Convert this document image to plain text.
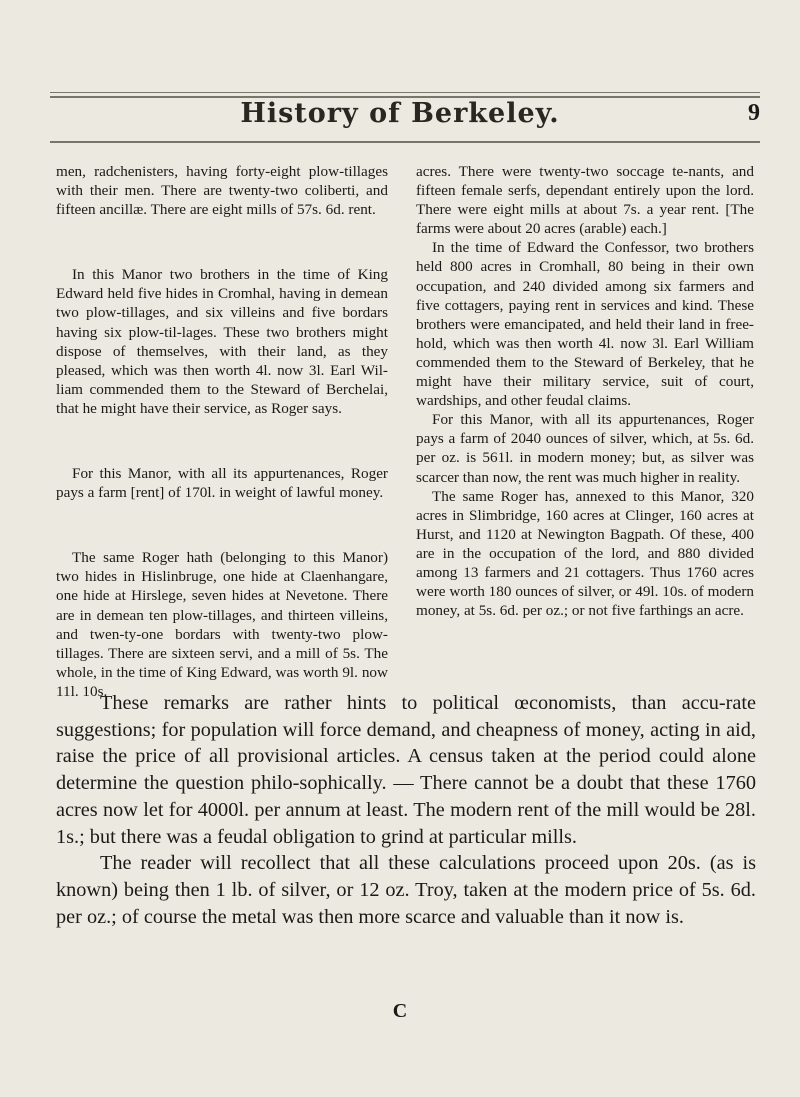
History of Berkeley.	9

men, radchenisters, having forty-eight plow-tillages with their men. There are twenty-two coliberti, and fifteen ancillæ. There are eight mills of 57s. 6d. rent.

In this Manor two brothers in the time of King Edward held five hides in Cromhal, having in demean two plow-tillages, and six villeins and five bordars having six plow-til-lages. These two brothers might dispose of themselves, with their land, as they pleased, which was then worth 4l. now 3l. Earl Wil-liam commended them to the Steward of Berchelai, that he might have their service, as Roger says.

For this Manor, with all its appurtenances, Roger pays a farm [rent] of 170l. in weight of lawful money.

The same Roger hath (belonging to this Manor) two hides in Hislinbruge, one hide at Claenhangare, one hide at Hirslege, seven hides at Nevetone. There are in demean ten plow-tillages, and thirteen villeins, and twen-ty-one bordars with twenty-two plow-tillages. There are sixteen servi, and a mill of 5s. The whole, in the time of King Edward, was worth 9l. now 11l. 10s.

acres. There were twenty-two soccage te-nants, and fifteen female serfs, dependant entirely upon the lord. There were eight mills at about 7s. a year rent. [The farms were about 20 acres (arable) each.]

In the time of Edward the Confessor, two brothers held 800 acres in Cromhall, 80 being in their own occupation, and 240 divided among six farmers and five cottagers, paying rent in services and kind. These brothers were emancipated, and held their land in free-hold, which was then worth 4l. now 3l. Earl William commended them to the Steward of Berkeley, that he might have their military service, suit of court, wardships, and other feudal claims.

For this Manor, with all its appurtenances, Roger pays a farm of 2040 ounces of silver, which, at 5s. 6d. per oz. is 561l. in modern money; but, as silver was scarcer than now, the rent was much higher in reality.

The same Roger has, annexed to this Manor, 320 acres in Slimbridge, 160 acres at Clinger, 160 acres at Hurst, and 1120 at Newington Bagpath. Of these, 400 are in the occupation of the lord, and 880 divided among 13 farmers and 21 cottagers. Thus 1760 acres were worth 180 ounces of silver, or 49l. 10s. of modern money, at 5s. 6d. per oz.; or not five farthings an acre.

These remarks are rather hints to political œconomists, than accu-rate suggestions; for population will force demand, and cheapness of money, acting in aid, raise the price of all provisional articles. A census taken at the period could alone determine the question philo-sophically. — There cannot be a doubt that these 1760 acres now let for 4000l. per annum at least. The modern rent of the mill would be 28l. 1s.; but there was a feudal obligation to grind at particular mills.

The reader will recollect that all these calculations proceed upon 20s. (as is known) being then 1 lb. of silver, or 12 oz. Troy, taken at the modern price of 5s. 6d. per oz.; of course the metal was then more scarce and valuable than it now is.

C
